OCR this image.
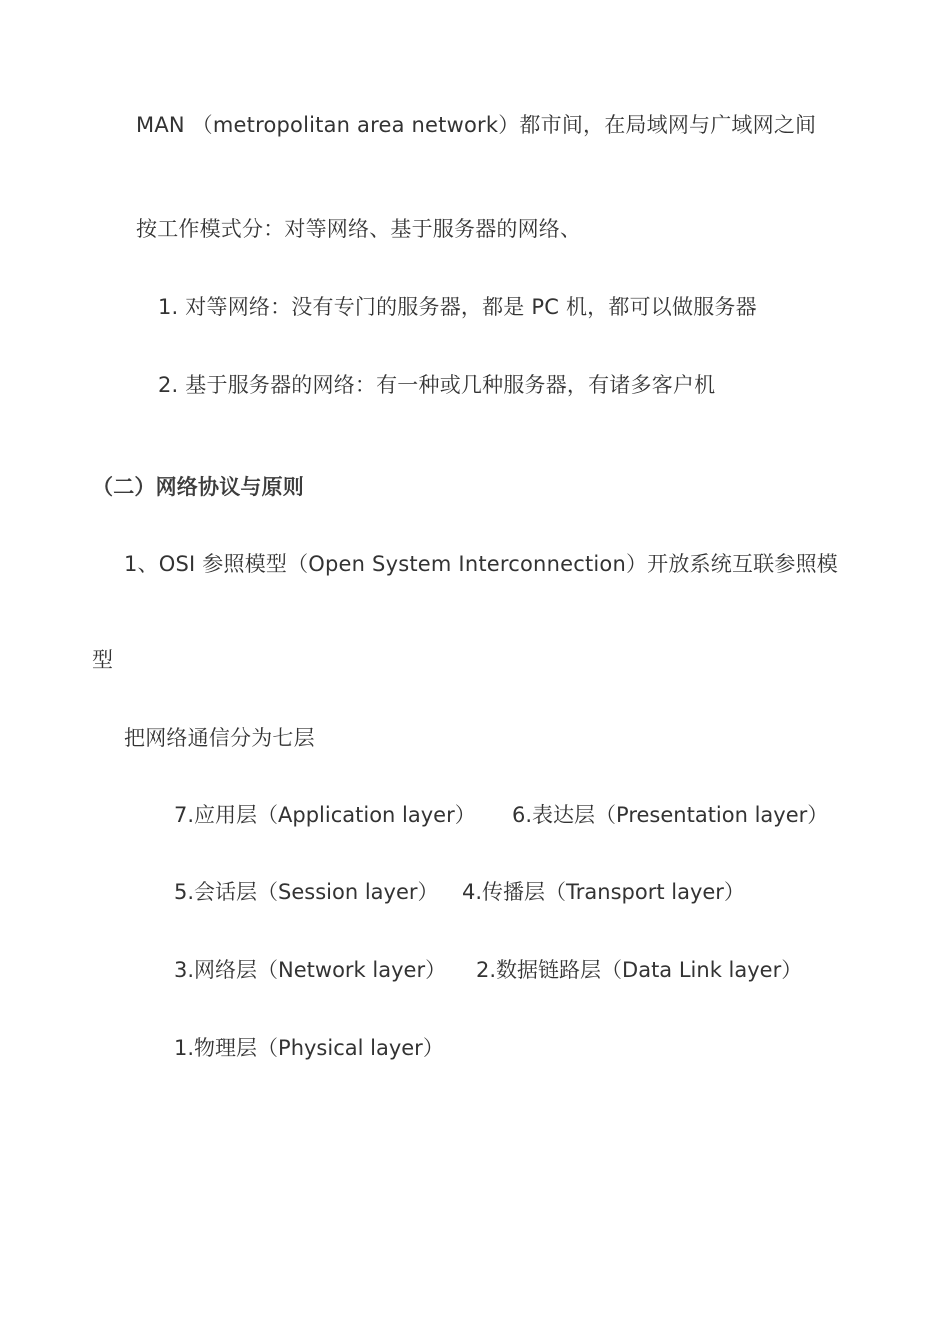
MAN （metropolitan area network）都市间，在局域网与广域网之间
按工作模式分：对等网络、基于服务器的网络、
1. 对等网络：没有专门的服务器，都是 PC 机，都可以做服务器
2. 基于服务器的网络：有一种或几种服务器，有诸多客户机
（二）网络协议与原则
1、OSI 参照模型（Open System Interconnection）开放系统互联参照模
型
把网络通信分为七层
7.应用层（Application layer） 6.表达层（Presentation layer）
5.会话层（Session layer） 4.传播层（Transport layer）
3.网络层（Network layer） 2.数据链路层（Data Link layer）
1.物理层（Physical layer）
